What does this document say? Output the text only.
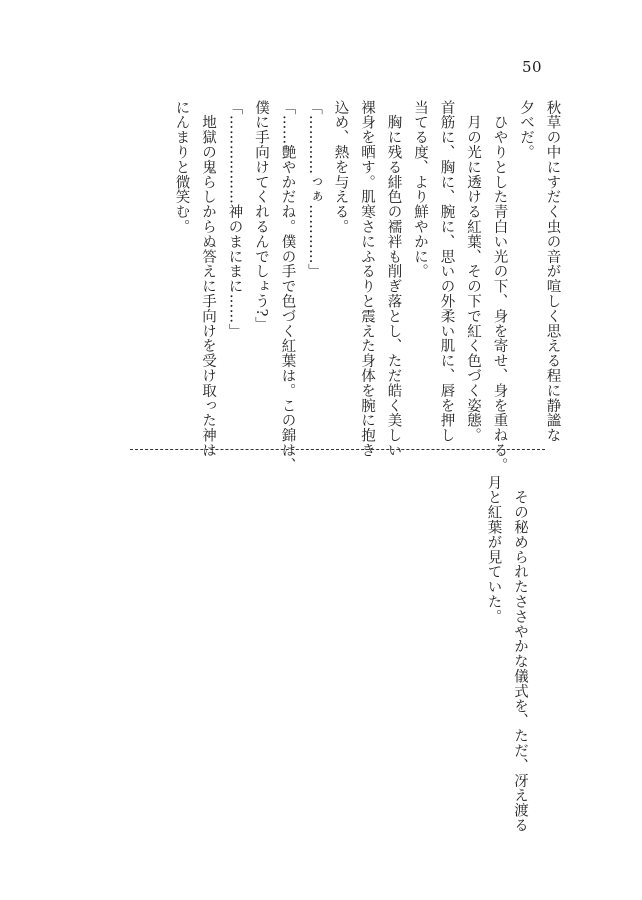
50
秋草の中にすだく虫の音が喧しく思える程に静謐な
夕べだ。
　ひやりとした青白い光の下、身を寄せ、身を重ねる。
　月の光に透ける紅葉、その下で紅く色づく姿態。
首筋に、胸に、腕に、思いの外柔い肌に、唇を押し
当てる度、より鮮やかに。
　胸に残る緋色の襦袢も削ぎ落とし、ただ皓く美しい
裸身を晒す。肌寒さにふるりと震えた身体を腕に抱き
込め、熱を与える。
「…………っぁ…………」
「……艶やかだね。僕の手で色づく紅葉は。この錦は、
僕に手向けてくれるんでしょう?」
「………………神のまにまに……」
　地獄の鬼らしからぬ答えに手向けを受け取った神は
にんまりと微笑む。
　その秘められたささやかな儀式を、ただ、冴え渡る
月と紅葉が見ていた。
